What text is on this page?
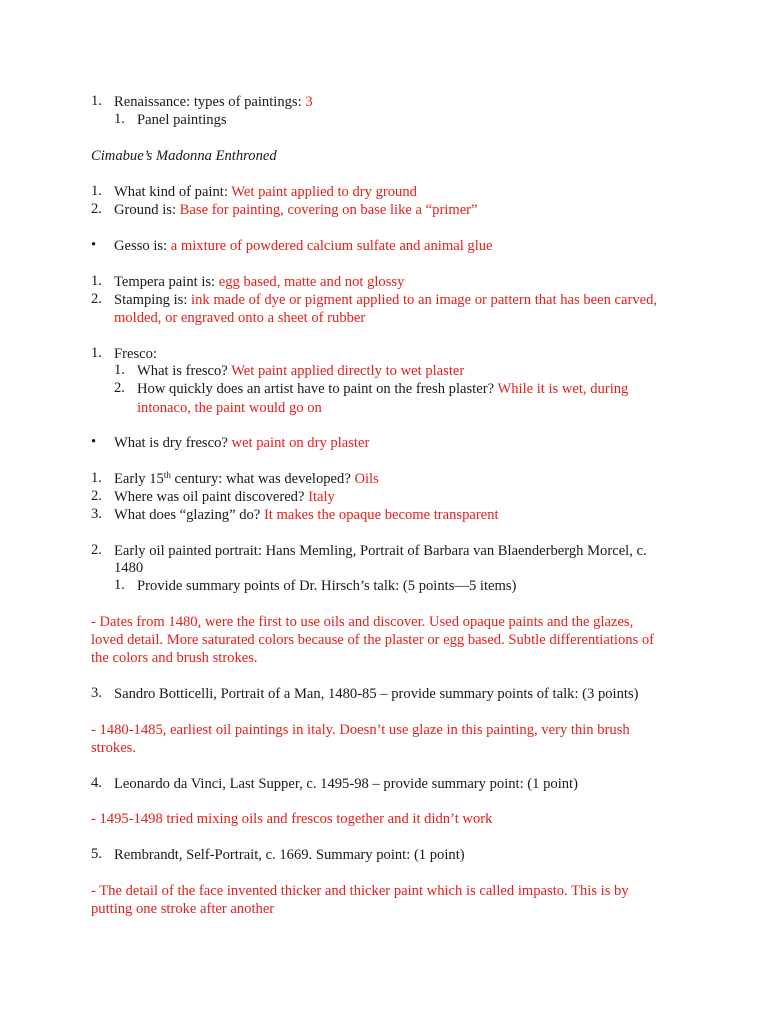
1. Renaissance: types of paintings: 3
1. Panel paintings
Cimabue’s Madonna Enthroned
1. What kind of paint: Wet paint applied to dry ground
2. Ground is: Base for painting, covering on base like a “primer”
• Gesso is: a mixture of powdered calcium sulfate and animal glue
1. Tempera paint is: egg based, matte and not glossy
2. Stamping is: ink made of dye or pigment applied to an image or pattern that has been carved,
molded, or engraved onto a sheet of rubber
1. Fresco:
1. What is fresco? Wet paint applied directly to wet plaster
2. How quickly does an artist have to paint on the fresh plaster? While it is wet, during
intonaco, the paint would go on
• What is dry fresco? wet paint on dry plaster
1. Early 15th century: what was developed? Oils
2. Where was oil paint discovered? Italy
3. What does “glazing” do? It makes the opaque become transparent
2. Early oil painted portrait: Hans Memling, Portrait of Barbara van Blaenderbergh Morcel, c.
1480
1. Provide summary points of Dr. Hirsch’s talk: (5 points—5 items)
- Dates from 1480, were the first to use oils and discover. Used opaque paints and the glazes,
loved detail. More saturated colors because of the plaster or egg based. Subtle differentiations of
the colors and brush strokes.
3. Sandro Botticelli, Portrait of a Man, 1480-85 – provide summary points of talk: (3 points)
- 1480-1485, earliest oil paintings in italy. Doesn’t use glaze in this painting, very thin brush
strokes.
4. Leonardo da Vinci, Last Supper, c. 1495-98 – provide summary point: (1 point)
- 1495-1498 tried mixing oils and frescos together and it didn’t work
5. Rembrandt, Self-Portrait, c. 1669. Summary point: (1 point)
- The detail of the face invented thicker and thicker paint which is called impasto. This is by
putting one stroke after another
